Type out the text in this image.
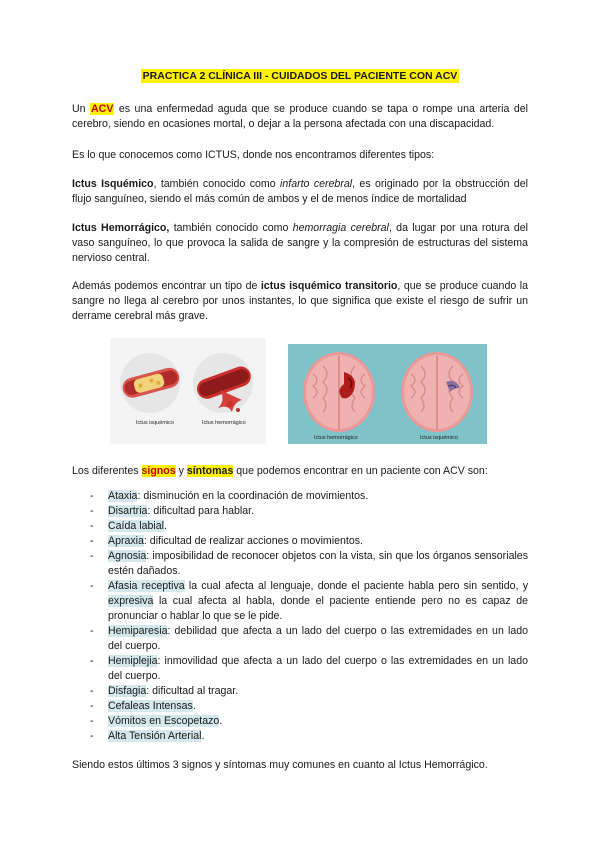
PRACTICA 2 CLÍNICA III - CUIDADOS DEL PACIENTE CON ACV

Un ACV es una enfermedad aguda que se produce cuando se tapa o rompe una arteria del cerebro, siendo en ocasiones mortal, o dejar a la persona afectada con una discapacidad.

Es lo que conocemos como ICTUS, donde nos encontramos diferentes tipos:

Ictus Isquémico, también conocido como infarto cerebral, es originado por la obstrucción del flujo sanguíneo, siendo el más común de ambos y el de menos índice de mortalidad

Ictus Hemorrágico, también conocido como hemorragia cerebral, da lugar por una rotura del vaso sanguíneo, lo que provoca la salida de sangre y la compresión de estructuras del sistema nervioso central.

Además podemos encontrar un tipo de ictus isquémico transitorio, que se produce cuando la sangre no llega al cerebro por unos instantes, lo que significa que existe el riesgo de sufrir un derrame cerebral más grave.

Ictus isquémico	Ictus hemorrágico
Ictus hemorrágico	Ictus isquémico

Los diferentes signos y síntomas que podemos encontrar en un paciente con ACV son:

- Ataxia: disminución en la coordinación de movimientos.
- Disartria: dificultad para hablar.
- Caída labial.
- Apraxia: dificultad de realizar acciones o movimientos.
- Agnosia: imposibilidad de reconocer objetos con la vista, sin que los órganos sensoriales estén dañados.
- Afasia receptiva la cual afecta al lenguaje, donde el paciente habla pero sin sentido, y expresiva la cual afecta al habla, donde el paciente entiende pero no es capaz de pronunciar o hablar lo que se le pide.
- Hemiparesia: debilidad que afecta a un lado del cuerpo o las extremidades en un lado del cuerpo.
- Hemiplejia: inmovilidad que afecta a un lado del cuerpo o las extremidades en un lado del cuerpo.
- Disfagia: dificultad al tragar.
- Cefaleas Intensas.
- Vómitos en Escopetazo.
- Alta Tensión Arterial.

Siendo estos últimos 3 signos y síntomas muy comunes en cuanto al Ictus Hemorrágico.
